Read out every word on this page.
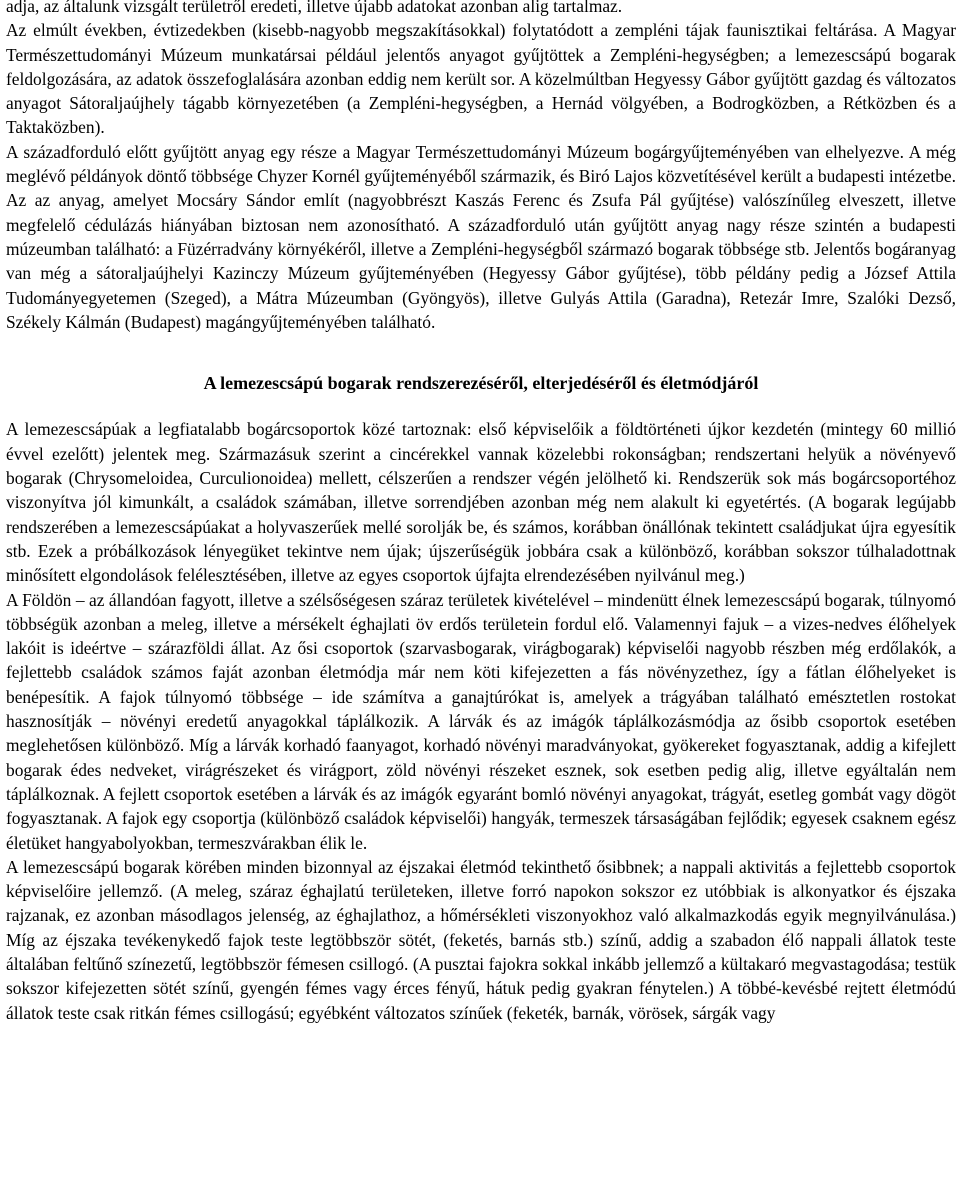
adja, az általunk vizsgált területről eredeti, illetve újabb adatokat azonban alig tartalmaz.

Az elmúlt években, évtizedekben (kisebb-nagyobb megszakításokkal) folytatódott a zempléni tájak faunisztikai feltárása. A Magyar Természettudományi Múzeum munkatársai például jelentős anyagot gyűjtöttek a Zempléni-hegységben; a lemezescsápú bogarak feldolgozására, az adatok összefoglalására azonban eddig nem került sor. A közelmúltban Hegyessy Gábor gyűjtött gazdag és változatos anyagot Sátoraljaújhely tágabb környezetében (a Zempléni-hegységben, a Hernád völgyében, a Bodrogközben, a Rétközben és a Taktaközben).

A századforduló előtt gyűjtött anyag egy része a Magyar Természettudományi Múzeum bogárgyűjteményében van elhelyezve. A még meglévő példányok döntő többsége Chyzer Kornél gyűjteményéből származik, és Biró Lajos közvetítésével került a budapesti intézetbe. Az az anyag, amelyet Mocsáry Sándor említ (nagyobbrészt Kaszás Ferenc és Zsufa Pál gyűjtése) valószínűleg elveszett, illetve megfelelő cédulázás hiányában biztosan nem azonosítható. A századforduló után gyűjtött anyag nagy része szintén a budapesti múzeumban található: a Füzérradvány környékéről, illetve a Zempléni-hegységből származó bogarak többsége stb. Jelentős bogáranyag van még a sátoraljaújhelyi Kazinczy Múzeum gyűjteményében (Hegyessy Gábor gyűjtése), több példány pedig a József Attila Tudományegyetemen (Szeged), a Mátra Múzeumban (Gyöngyös), illetve Gulyás Attila (Garadna), Retezár Imre, Szalóki Dezső, Székely Kálmán (Budapest) magángyűjteményében található.

A lemezescsápú bogarak rendszerezéséről, elterjedéséről és életmódjáról

A lemezescsápúak a legfiatalabb bogárcsoportok közé tartoznak: első képviselőik a földtörténeti újkor kezdetén (mintegy 60 millió évvel ezelőtt) jelentek meg. Származásuk szerint a cincérekkel vannak közelebbi rokonságban; rendszertani helyük a növényevő bogarak (Chrysomeloidea, Curculionoidea) mellett, célszerűen a rendszer végén jelölhető ki. Rendszerük sok más bogárcsoportéhoz viszonyítva jól kimunkált, a családok számában, illetve sorrendjében azonban még nem alakult ki egyetértés. (A bogarak legújabb rendszerében a lemezescsápúakat a holyvaszerűek mellé sorolják be, és számos, korábban önállónak tekintett családjukat újra egyesítik stb. Ezek a próbálkozások lényegüket tekintve nem újak; újszerűségük jobbára csak a különböző, korábban sokszor túlhaladottnak minősített elgondolások felélesztésében, illetve az egyes csoportok újfajta elrendezésében nyilvánul meg.)

A Földön – az állandóan fagyott, illetve a szélsőségesen száraz területek kivételével – mindenütt élnek lemezescsápú bogarak, túlnyomó többségük azonban a meleg, illetve a mérsékelt éghajlati öv erdős területein fordul elő. Valamennyi fajuk – a vizes-nedves élőhelyek lakóit is ideértve – szárazföldi állat. Az ősi csoportok (szarvasbogarak, virágbogarak) képviselői nagyobb részben még erdőlakók, a fejlettebb családok számos faját azonban életmódja már nem köti kifejezetten a fás növényzethez, így a fátlan élőhelyeket is benépesítik. A fajok túlnyomó többsége – ide számítva a ganajtúrókat is, amelyek a trágyában található emésztetlen rostokat hasznosítják – növényi eredetű anyagokkal táplálkozik. A lárvák és az imágók táplálkozásmódja az ősibb csoportok esetében meglehetősen különböző. Míg a lárvák korhadó faanyagot, korhadó növényi maradványokat, gyökereket fogyasztanak, addig a kifejlett bogarak édes nedveket, virágrészeket és virágport, zöld növényi részeket esznek, sok esetben pedig alig, illetve egyáltalán nem táplálkoznak. A fejlett csoportok esetében a lárvák és az imágók egyaránt bomló növényi anyagokat, trágyát, esetleg gombát vagy dögöt fogyasztanak. A fajok egy csoportja (különböző családok képviselői) hangyák, termeszek társaságában fejlődik; egyesek csaknem egész életüket hangyabolyokban, termeszvárakban élik le.

A lemezescsápú bogarak körében minden bizonnyal az éjszakai életmód tekinthető ősibbnek; a nappali aktivitás a fejlettebb csoportok képviselőire jellemző. (A meleg, száraz éghajlatú területeken, illetve forró napokon sokszor ez utóbbiak is alkonyatkor és éjszaka rajzanak, ez azonban másodlagos jelenség, az éghajlathoz, a hőmérsékleti viszonyokhoz való alkalmazkodás egyik megnyilvánulása.) Míg az éjszaka tevékenykedő fajok teste legtöbbször sötét, (feketés, barnás stb.) színű, addig a szabadon élő nappali állatok teste általában feltűnő színezetű, legtöbbször fémesen csillogó. (A pusztai fajokra sokkal inkább jellemző a kültakaró megvastagodása; testük sokszor kifejezetten sötét színű, gyengén fémes vagy érces fényű, hátuk pedig gyakran fénytelen.) A többé-kevésbé rejtett életmódú állatok teste csak ritkán fémes csillogású; egyébként változatos színűek (feketék, barnák, vörösek, sárgák vagy
